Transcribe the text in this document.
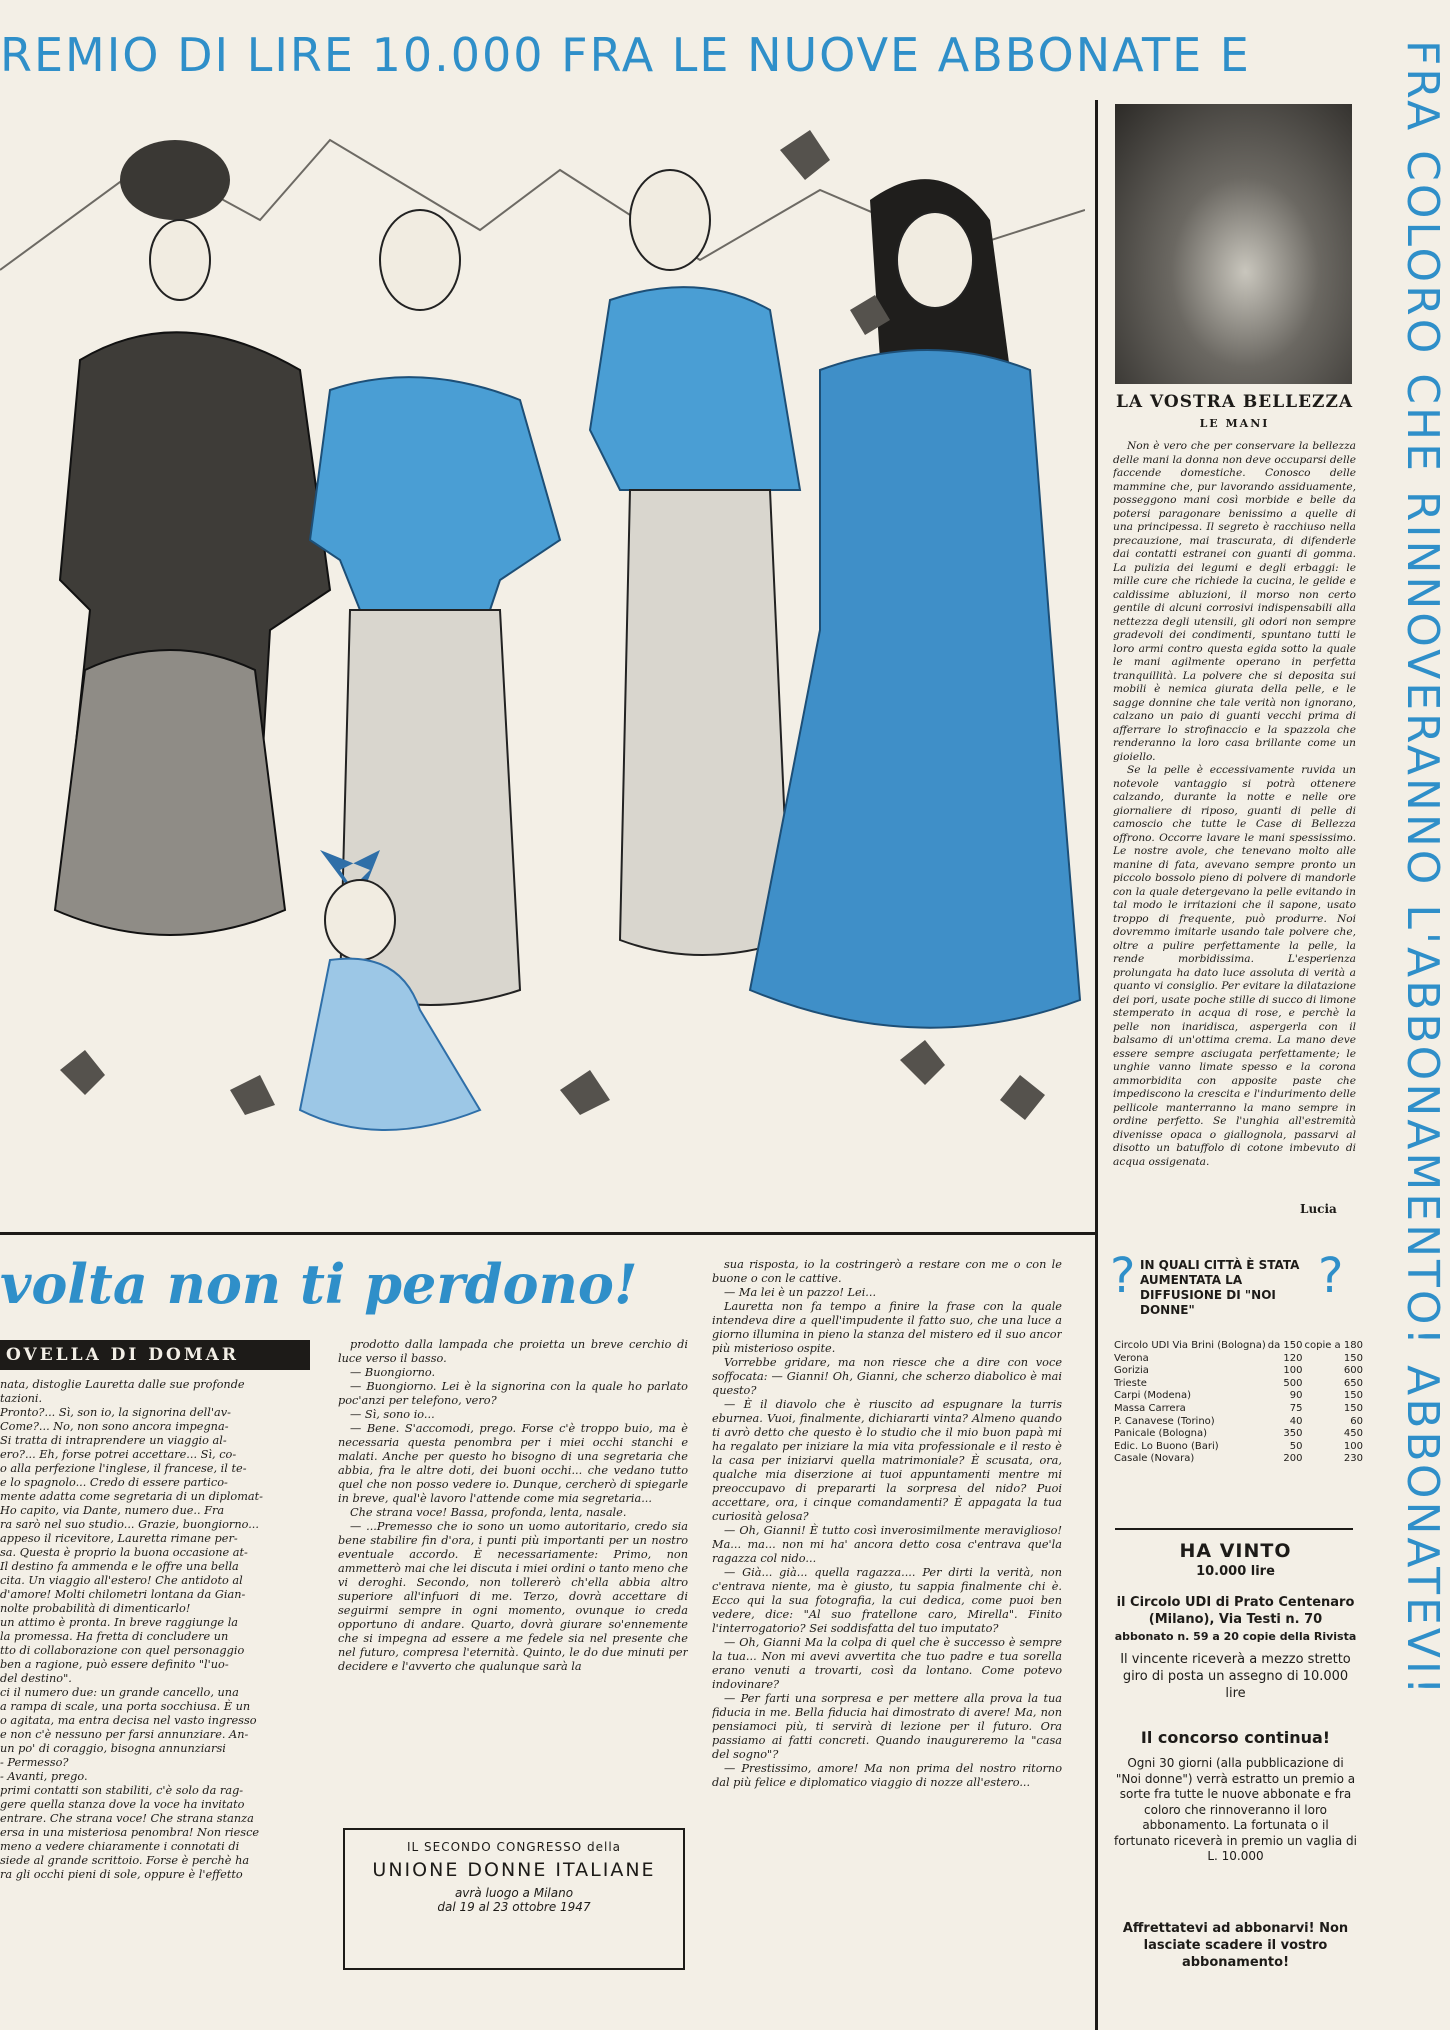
REMIO DI LIRE 10.000 FRA LE NUOVE ABBONATE E	FRA COLORO CHE RINNOVERANNO L'ABBONAMENTO! ABBONATEVI!
LA VOSTRA BELLEZZA
LE MANI

Non è vero che per conservare la bellezza delle mani la donna non deve occuparsi delle faccende domestiche. Conosco delle mammine che, pur lavorando assiduamente, posseggono mani così morbide e belle da potersi paragonare benissimo a quelle di una principessa. Il segreto è racchiuso nella precauzione, mai trascurata, di difenderle dai contatti estranei con guanti di gomma. La pulizia dei legumi e degli erbaggi: le mille cure che richiede la cucina, le gelide e caldissime abluzioni, il morso non certo gentile di alcuni corrosivi indispensabili alla nettezza degli utensili, gli odori non sempre gradevoli dei condimenti, spuntano tutti le loro armi contro questa egida sotto la quale le mani agilmente operano in perfetta tranquillità. La polvere che si deposita sui mobili è nemica giurata della pelle, e le sagge donnine che tale verità non ignorano, calzano un paio di guanti vecchi prima di afferrare lo strofinaccio e la spazzola che renderanno la loro casa brillante come un gioiello.

Se la pelle è eccessivamente ruvida un notevole vantaggio si potrà ottenere calzando, durante la notte e nelle ore giornaliere di riposo, guanti di pelle di camoscio che tutte le Case di Bellezza offrono. Occorre lavare le mani spessissimo. Le nostre avole, che tenevano molto alle manine di fata, avevano sempre pronto un piccolo bossolo pieno di polvere di mandorle con la quale detergevano la pelle evitando in tal modo le irritazioni che il sapone, usato troppo di frequente, può produrre. Noi dovremmo imitarle usando tale polvere che, oltre a pulire perfettamente la pelle, la rende morbidissima. L'esperienza prolungata ha dato luce assoluta di verità a quanto vi consiglio. Per evitare la dilatazione dei pori, usate poche stille di succo di limone stemperato in acqua di rose, e perchè la pelle non inaridisca, aspergerla con il balsamo di un'ottima crema. La mano deve essere sempre asciugata perfettamente; le unghie vanno limate spesso e la corona ammorbidita con apposite paste che impediscono la crescita e l'indurimento delle pellicole manterranno la mano sempre in ordine perfetto. Se l'unghia all'estremità divenisse opaca o giallognola, passarvi al disotto un batuffolo di cotone imbevuto di acqua ossigenata.

Lucia
volta non ti perdono!
OVELLA DI DOMAR

nata, distoglie Lauretta dalle sue profonde

tazioni.

Pronto?... Sì, son io, la signorina dell'av-

Come?... No, non sono ancora impegna-

Si tratta di intraprendere un viaggio al-

ero?... Eh, forse potrei accettare... Sì, co-

o alla perfezione l'inglese, il francese, il te-

e lo spagnolo... Credo di essere partico-

mente adatta come segretaria di un diplomat-

Ho capito, via Dante, numero due.. Fra

ra sarò nel suo studio... Grazie, buongiorno...

appeso il ricevitore, Lauretta rimane per-

sa. Questa è proprio la buona occasione at-

Il destino fa ammenda e le offre una bella

cita. Un viaggio all'estero! Che antidoto al

d'amore! Molti chilometri lontana da Gian-

nolte probabilità di dimenticarlo!

un attimo è pronta. In breve raggiunge la

la promessa. Ha fretta di concludere un

tto di collaborazione con quel personaggio

ben a ragione, può essere definito "l'uo-

del destino".

ci il numero due: un grande cancello, una

a rampa di scale, una porta socchiusa. È un

o agitata, ma entra decisa nel vasto ingresso

e non c'è nessuno per farsi annunziare. An-

un po' di coraggio, bisogna annunziarsi

- Permesso?

- Avanti, prego.

primi contatti son stabiliti, c'è solo da rag-

gere quella stanza dove la voce ha invitato

entrare. Che strana voce! Che strana stanza

ersa in una misteriosa penombra! Non riesce

meno a vedere chiaramente i connotati di

siede al grande scrittoio. Forse è perchè ha

ra gli occhi pieni di sole, oppure è l'effetto

prodotto dalla lampada che proietta un breve cerchio di luce verso il basso.

— Buongiorno.

— Buongiorno. Lei è la signorina con la quale ho parlato poc'anzi per telefono, vero?

— Sì, sono io...

— Bene. S'accomodi, prego. Forse c'è troppo buio, ma è necessaria questa penombra per i miei occhi stanchi e malati. Anche per questo ho bisogno di una segretaria che abbia, fra le altre doti, dei buoni occhi... che vedano tutto quel che non posso vedere io. Dunque, cercherò di spiegarle in breve, qual'è lavoro l'attende come mia segretaria...

Che strana voce! Bassa, profonda, lenta, nasale.

— ...Premesso che io sono un uomo autoritario, credo sia bene stabilire fin d'ora, i punti più importanti per un nostro eventuale accordo. È necessariamente: Primo, non ammetterò mai che lei discuta i miei ordini o tanto meno che vi deroghi. Secondo, non tollererò ch'ella abbia altro superiore all'infuori di me. Terzo, dovrà accettare di seguirmi sempre in ogni momento, ovunque io creda opportuno di andare. Quarto, dovrà giurare so'ennemente che si impegna ad essere a me fedele sia nel presente che nel futuro, compresa l'eternità. Quinto, le do due minuti per decidere e l'avverto che qualunque sarà la

sua risposta, io la costringerò a restare con me o con le buone o con le cattive.

— Ma lei è un pazzo! Lei...

Lauretta non fa tempo a finire la frase con la quale intendeva dire a quell'impudente il fatto suo, che una luce a giorno illumina in pieno la stanza del mistero ed il suo ancor più misterioso ospite.

Vorrebbe gridare, ma non riesce che a dire con voce soffocata: — Gianni! Oh, Gianni, che scherzo diabolico è mai questo?

— È il diavolo che è riuscito ad espugnare la turris eburnea. Vuoi, finalmente, dichiararti vinta? Almeno quando ti avrò detto che questo è lo studio che il mio buon papà mi ha regalato per iniziare la mia vita professionale e il resto è la casa per iniziarvi quella matrimoniale? È scusata, ora, qualche mia diserzione ai tuoi appuntamenti mentre mi preoccupavo di prepararti la sorpresa del nido? Puoi accettare, ora, i cinque comandamenti? È appagata la tua curiosità gelosa?

— Oh, Gianni! È tutto così inverosimilmente meraviglioso! Ma... ma... non mi ha' ancora detto cosa c'entrava que'la ragazza col nido...

— Già... già... quella ragazza.... Per dirti la verità, non c'entrava niente, ma è giusto, tu sappia finalmente chi è. Ecco qui la sua fotografia, la cui dedica, come puoi ben vedere, dice: "Al suo fratellone caro, Mirella". Finito l'interrogatorio? Sei soddisfatta del tuo imputato?

— Oh, Gianni Ma la colpa di quel che è successo è sempre la tua... Non mi avevi avvertita che tuo padre e tua sorella erano venuti a trovarti, così da lontano. Come potevo indovinare?

— Per farti una sorpresa e per mettere alla prova la tua fiducia in me. Bella fiducia hai dimostrato di avere! Ma, non pensiamoci più, ti servirà di lezione per il futuro. Ora passiamo ai fatti concreti. Quando inaugureremo la "casa del sogno"?

— Prestissimo, amore! Ma non prima del nostro ritorno dal più felice e diplomatico viaggio di nozze all'estero...

IL SECONDO CONGRESSO della
UNIONE DONNE ITALIANE
avrà luogo a Milano
dal 19 al 23 ottobre 1947
?	?
IN QUALI CITTÀ È STATA AUMENTATA LA DIFFUSIONE DI "NOI DONNE"
Circolo UDI Via Brini (Bologna)	da 150	copie a 180
Verona	120	150
Gorizia	100	600
Trieste	500	650
Carpi (Modena)	90	150
Massa Carrera	75	150
P. Canavese (Torino)	40	60
Panicale (Bologna)	350	450
Edic. Lo Buono (Bari)	50	100
Casale (Novara)	200	230
HA VINTO
10.000 lire
il Circolo UDI di Prato Centenaro (Milano), Via Testi n. 70
abbonato n. 59 a 20 copie della Rivista
Il vincente riceverà a mezzo stretto giro di posta un assegno di 10.000 lire
Il concorso continua!
Ogni 30 giorni (alla pubblicazione di "Noi donne") verrà estratto un premio a sorte fra tutte le nuove abbonate e fra coloro che rinnoveranno il loro abbonamento. La fortunata o il fortunato riceverà in premio un vaglia di L. 10.000
Affrettatevi ad abbonarvi! Non lasciate scadere il vostro abbonamento!
